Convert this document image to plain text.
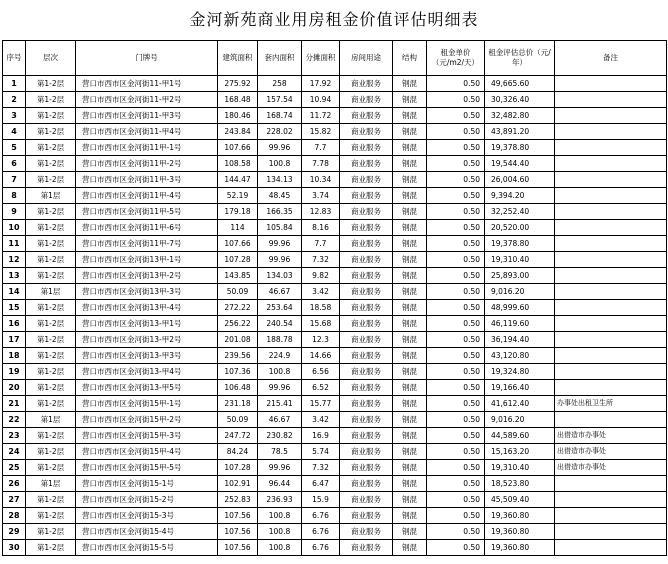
金河新苑商业用房租金价值评估明细表
序号	层次	门牌号	建筑面积	套内面积	分摊面积	房间用途	结构	租金单价（元/m2/天）	租金评估总价（元/年）	备注
1	第1-2层	营口市西市区金河街11-甲1号	275.92	258	17.92	商业服务	钢混	0.50	49,665.60	
2	第1-2层	营口市西市区金河街11-甲2号	168.48	157.54	10.94	商业服务	钢混	0.50	30,326.40	
3	第1-2层	营口市西市区金河街11-甲3号	180.46	168.74	11.72	商业服务	钢混	0.50	32,482.80	
4	第1-2层	营口市西市区金河街11-甲4号	243.84	228.02	15.82	商业服务	钢混	0.50	43,891.20	
5	第1-2层	营口市西市区金河街11甲-1号	107.66	99.96	7.7	商业服务	钢混	0.50	19,378.80	
6	第1-2层	营口市西市区金河街11甲-2号	108.58	100.8	7.78	商业服务	钢混	0.50	19,544.40	
7	第1-2层	营口市西市区金河街11甲-3号	144.47	134.13	10.34	商业服务	钢混	0.50	26,004.60	
8	第1层	营口市西市区金河街11甲-4号	52.19	48.45	3.74	商业服务	钢混	0.50	9,394.20	
9	第1-2层	营口市西市区金河街11甲-5号	179.18	166.35	12.83	商业服务	钢混	0.50	32,252.40	
10	第1-2层	营口市西市区金河街11甲-6号	114	105.84	8.16	商业服务	钢混	0.50	20,520.00	
11	第1-2层	营口市西市区金河街11甲-7号	107.66	99.96	7.7	商业服务	钢混	0.50	19,378.80	
12	第1-2层	营口市西市区金河街13甲-1号	107.28	99.96	7.32	商业服务	钢混	0.50	19,310.40	
13	第1-2层	营口市西市区金河街13甲-2号	143.85	134.03	9.82	商业服务	钢混	0.50	25,893.00	
14	第1层	营口市西市区金河街13甲-3号	50.09	46.67	3.42	商业服务	钢混	0.50	9,016.20	
15	第1-2层	营口市西市区金河街13甲-4号	272.22	253.64	18.58	商业服务	钢混	0.50	48,999.60	
16	第1-2层	营口市西市区金河街13-甲1号	256.22	240.54	15.68	商业服务	钢混	0.50	46,119.60	
17	第1-2层	营口市西市区金河街13-甲2号	201.08	188.78	12.3	商业服务	钢混	0.50	36,194.40	
18	第1-2层	营口市西市区金河街13-甲3号	239.56	224.9	14.66	商业服务	钢混	0.50	43,120.80	
19	第1-2层	营口市西市区金河街13-甲4号	107.36	100.8	6.56	商业服务	钢混	0.50	19,324.80	
20	第1-2层	营口市西市区金河街13-甲5号	106.48	99.96	6.52	商业服务	钢混	0.50	19,166.40	
21	第1-2层	营口市西市区金河街15甲-1号	231.18	215.41	15.77	商业服务	钢混	0.50	41,612.40	办事处出租卫生所
22	第1层	营口市西市区金河街15甲-2号	50.09	46.67	3.42	商业服务	钢混	0.50	9,016.20	
23	第1-2层	营口市西市区金河街15甲-3号	247.72	230.82	16.9	商业服务	钢混	0.50	44,589.60	出借造市办事处
24	第1-2层	营口市西市区金河街15甲-4号	84.24	78.5	5.74	商业服务	钢混	0.50	15,163.20	出借造市办事处
25	第1-2层	营口市西市区金河街15甲-5号	107.28	99.96	7.32	商业服务	钢混	0.50	19,310.40	出借造市办事处
26	第1层	营口市西市区金河街15-1号	102.91	96.44	6.47	商业服务	钢混	0.50	18,523.80	
27	第1-2层	营口市西市区金河街15-2号	252.83	236.93	15.9	商业服务	钢混	0.50	45,509.40	
28	第1-2层	营口市西市区金河街15-3号	107.56	100.8	6.76	商业服务	钢混	0.50	19,360.80	
29	第1-2层	营口市西市区金河街15-4号	107.56	100.8	6.76	商业服务	钢混	0.50	19,360.80	
30	第1-2层	营口市西市区金河街15-5号	107.56	100.8	6.76	商业服务	钢混	0.50	19,360.80	
